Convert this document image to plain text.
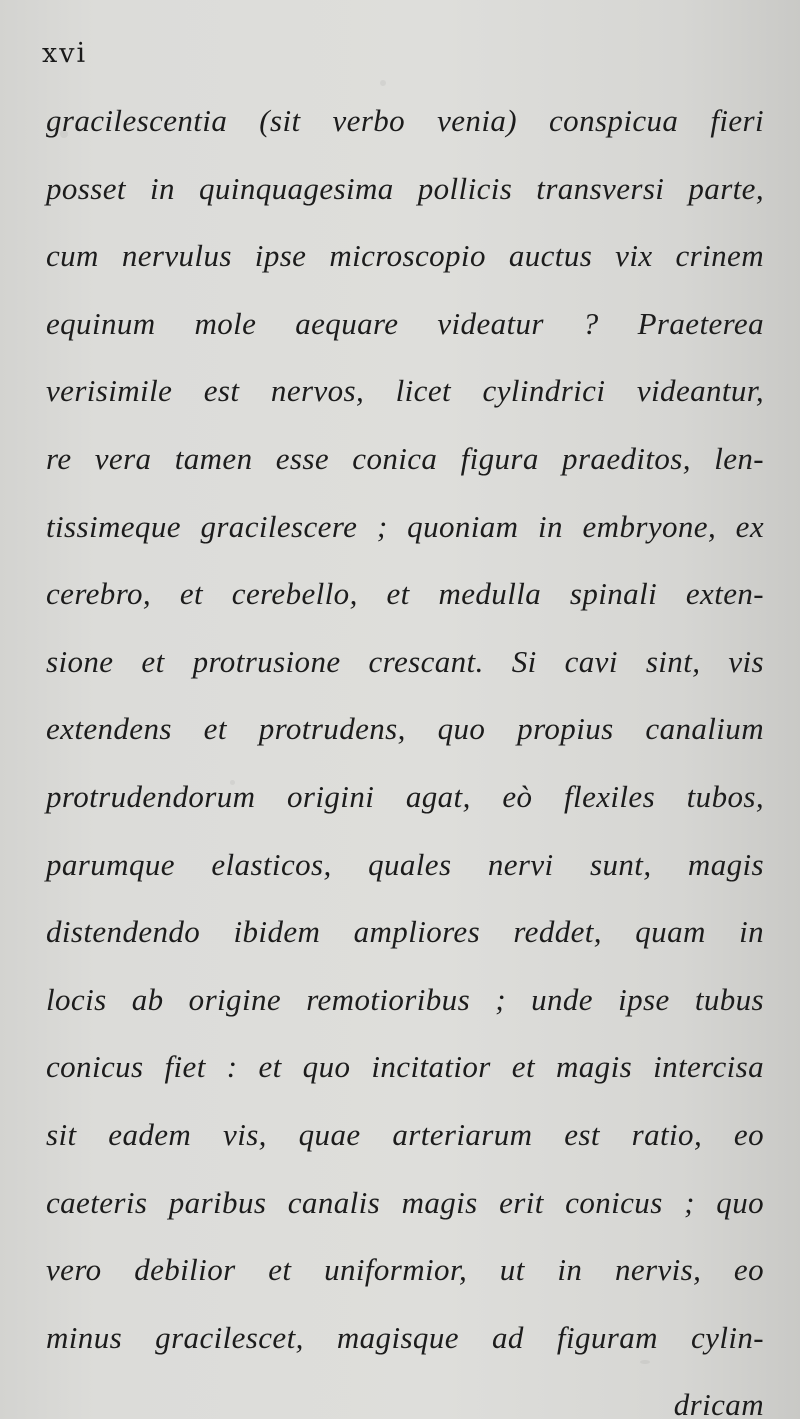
xvi
gracilescentia (sit verbo venia) conspicua fieri
posset in quinquagesima pollicis transversi parte,
cum nervulus ipse microscopio auctus vix crinem
equinum mole aequare videatur ? Praeterea
verisimile est nervos, licet cylindrici videantur,
re vera tamen esse conica figura praeditos, len-
tissimeque gracilescere ; quoniam in embryone, ex
cerebro, et cerebello, et medulla spinali exten-
sione et protrusione crescant. Si cavi sint, vis
extendens et protrudens, quo propius canalium
protrudendorum origini agat, eò flexiles tubos,
parumque elasticos, quales nervi sunt, magis
distendendo ibidem ampliores reddet, quam in
locis ab origine remotioribus ; unde ipse tubus
conicus fiet : et quo incitatior et magis intercisa
sit eadem vis, quae arteriarum est ratio, eo
caeteris paribus canalis magis erit conicus ; quo
vero debilior et uniformior, ut in nervis, eo
minus gracilescet, magisque ad figuram cylin-
dricam
